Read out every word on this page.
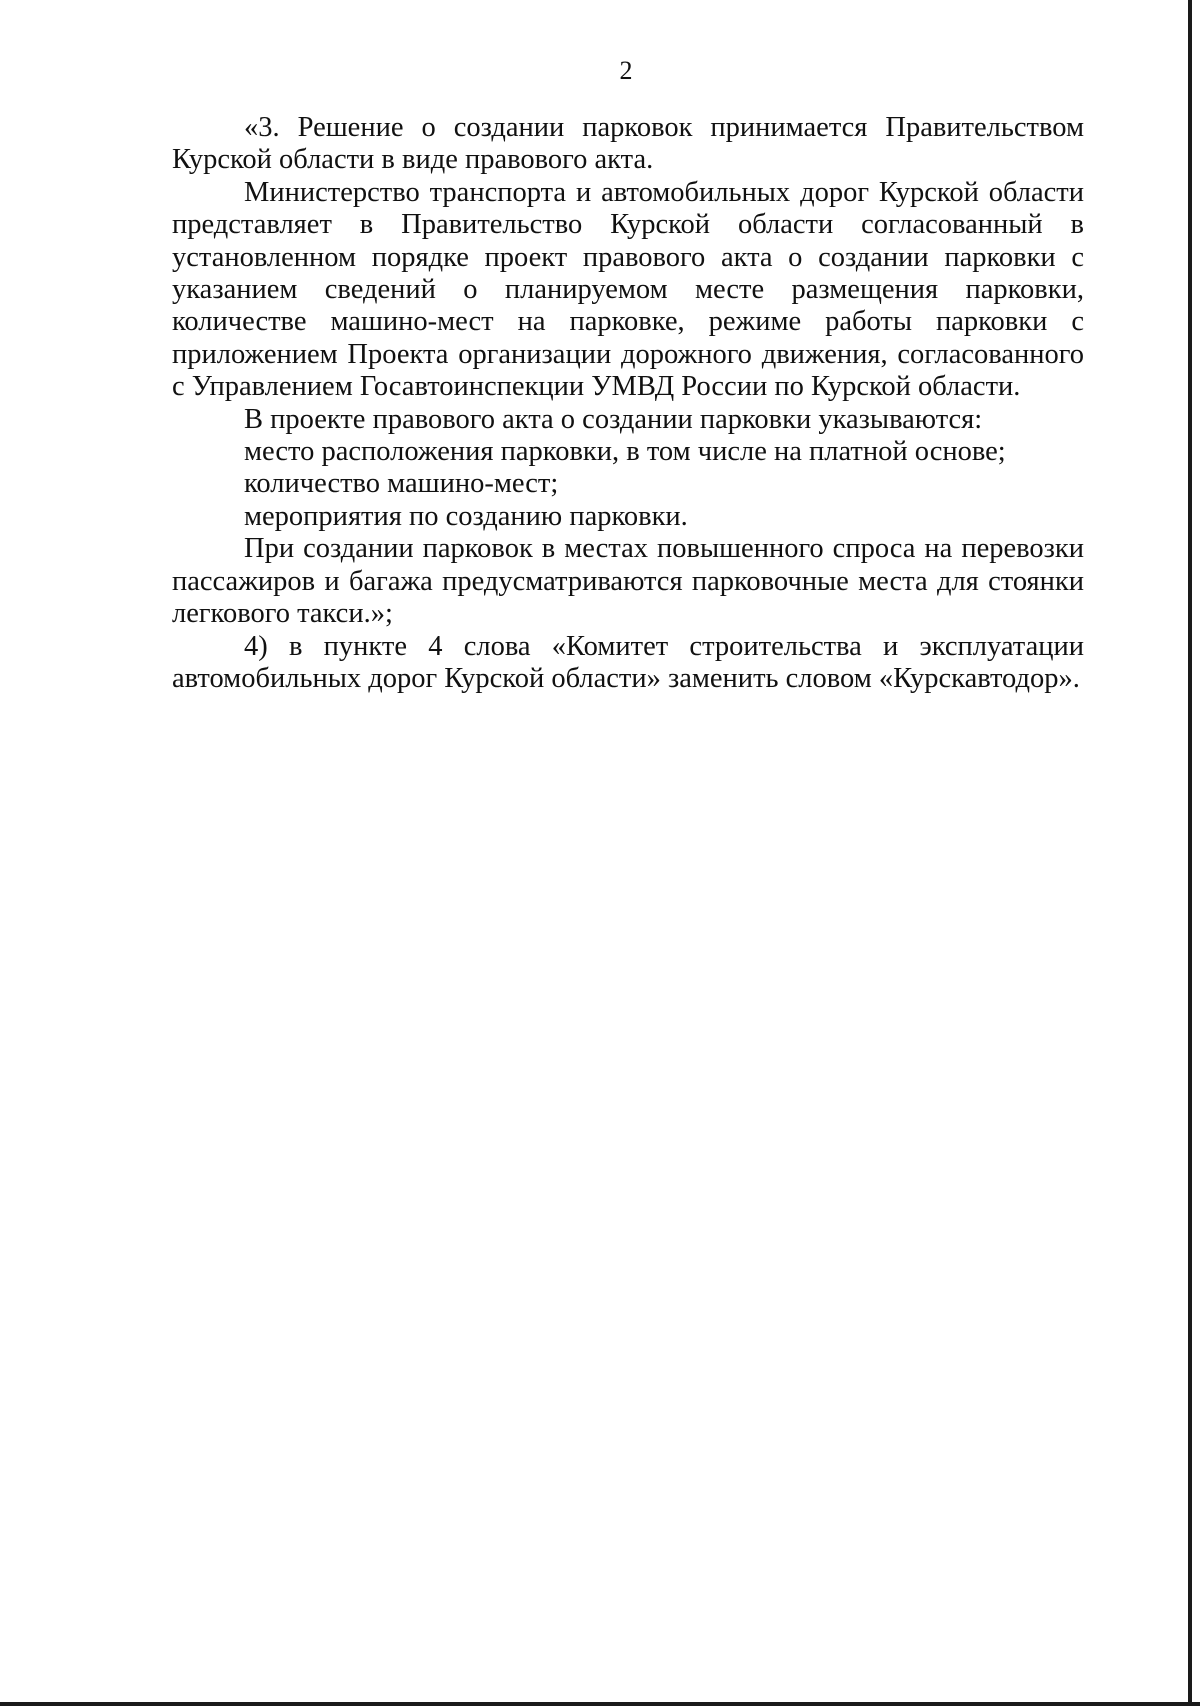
2

«3. Решение о создании парковок принимается Правительством Курской области в виде правового акта.

Министерство транспорта и автомобильных дорог Курской области представляет в Правительство Курской области согласованный в установленном порядке проект правового акта о создании парковки с указанием сведений о планируемом месте размещения парковки, количестве машино-мест на парковке, режиме работы парковки с приложением Проекта организации дорожного движения, согласованного с Управлением Госавтоинспекции УМВД России по Курской области.

В проекте правового акта о создании парковки указываются:

место расположения парковки, в том числе на платной основе;

количество машино-мест;

мероприятия по созданию парковки.

При создании парковок в местах повышенного спроса на перевозки пассажиров и багажа предусматриваются парковочные места для стоянки легкового такси.»;

4) в пункте 4 слова «Комитет строительства и эксплуатации автомобильных дорог Курской области» заменить словом «Курскавтодор».
